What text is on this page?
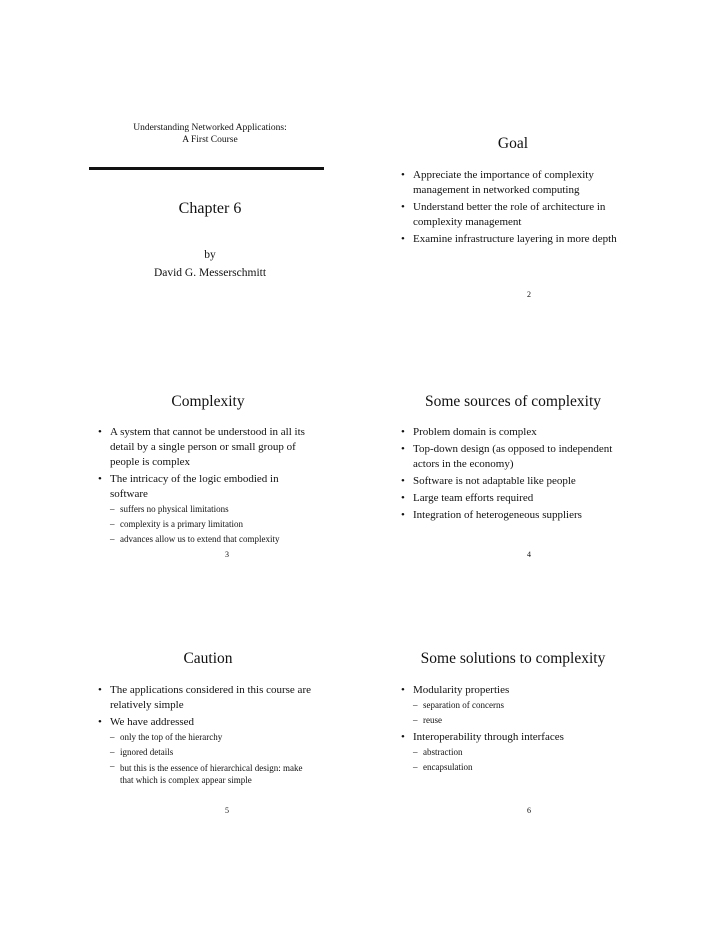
Understanding Networked Applications:
A First Course
Chapter 6
by
David G. Messerschmitt
Goal
• Appreciate the importance of complexity management in networked computing
• Understand better the role of architecture in complexity management
• Examine infrastructure layering in more depth
2
Complexity
• A system that cannot be understood in all its detail by a single person or small group of people is complex
• The intricacy of the logic embodied in software
– suffers no physical limitations
– complexity is a primary limitation
– advances allow us to extend that complexity
3
Some sources of complexity
• Problem domain is complex
• Top-down design (as opposed to independent actors in the economy)
• Software is not adaptable like people
• Large team efforts required
• Integration of heterogeneous suppliers
4
Caution
• The applications considered in this course are relatively simple
• We have addressed
– only the top of the hierarchy
– ignored details
– but this is the essence of hierarchical design: make that which is complex appear simple
5
Some solutions to complexity
• Modularity properties
– separation of concerns
– reuse
• Interoperability through interfaces
– abstraction
– encapsulation
6
